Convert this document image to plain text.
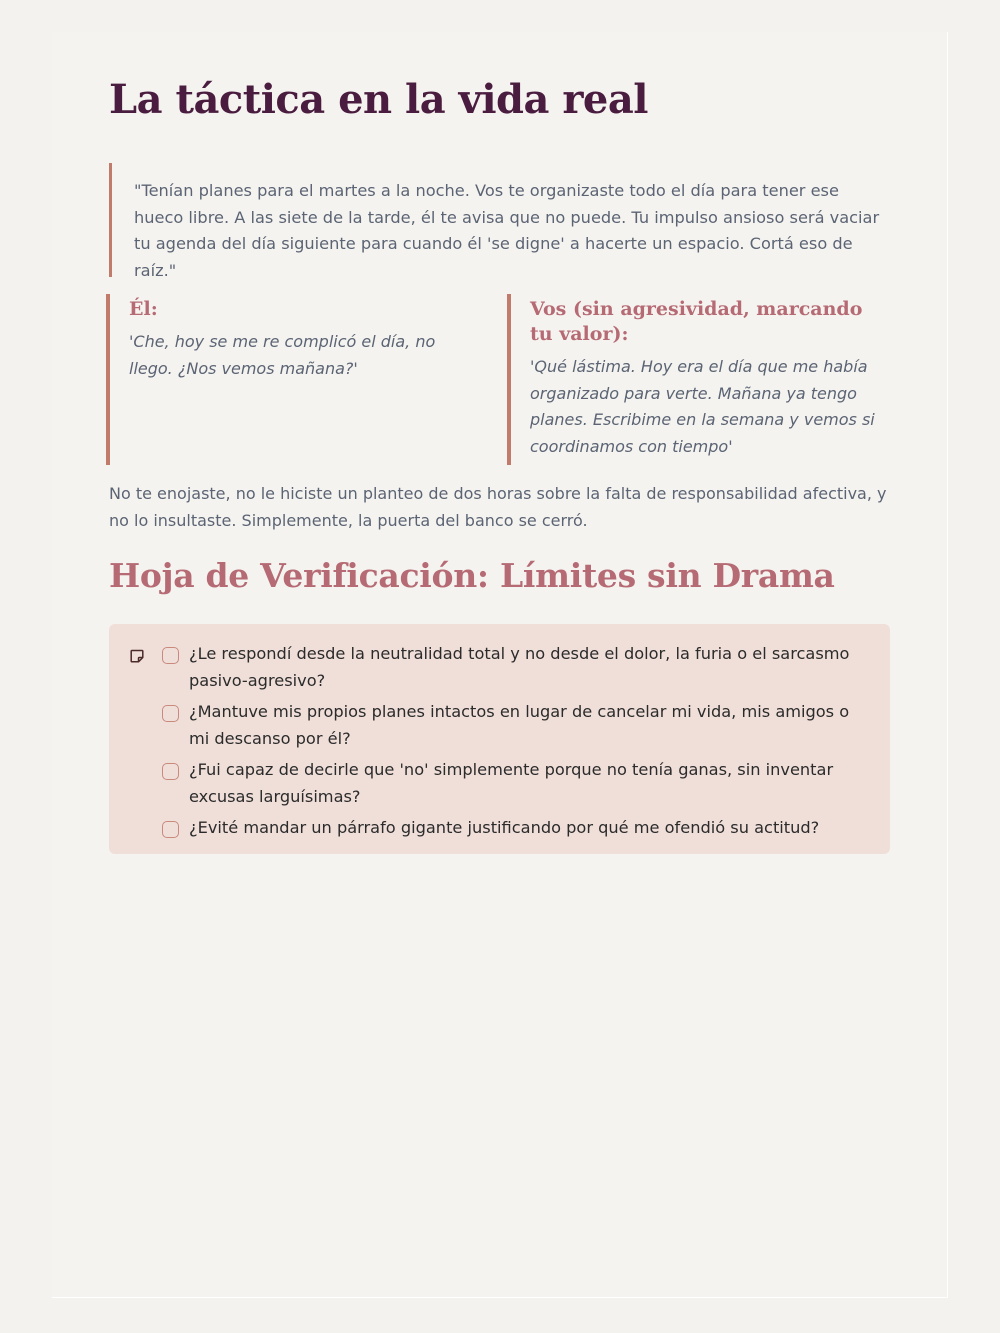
La táctica en la vida real
"Tenían planes para el martes a la noche. Vos te organizaste todo el día para tener ese hueco libre. A las siete de la tarde, él te avisa que no puede. Tu impulso ansioso será vaciar tu agenda del día siguiente para cuando él 'se digne' a hacerte un espacio. Cortá eso de raíz."
Él:
'Che, hoy se me re complicó el día, no llego. ¿Nos vemos mañana?'
Vos (sin agresividad, marcando tu valor):
'Qué lástima. Hoy era el día que me había organizado para verte. Mañana ya tengo planes. Escribime en la semana y vemos si coordinamos con tiempo'

No te enojaste, no le hiciste un planteo de dos horas sobre la falta de responsabilidad afectiva, y no lo insultaste. Simplemente, la puerta del banco se cerró.

Hoja de Verificación: Límites sin Drama
¿Le respondí desde la neutralidad total y no desde el dolor, la furia o el sarcasmo pasivo-agresivo?
¿Mantuve mis propios planes intactos en lugar de cancelar mi vida, mis amigos o mi descanso por él?
¿Fui capaz de decirle que 'no' simplemente porque no tenía ganas, sin inventar excusas larguísimas?
¿Evité mandar un párrafo gigante justificando por qué me ofendió su actitud?
